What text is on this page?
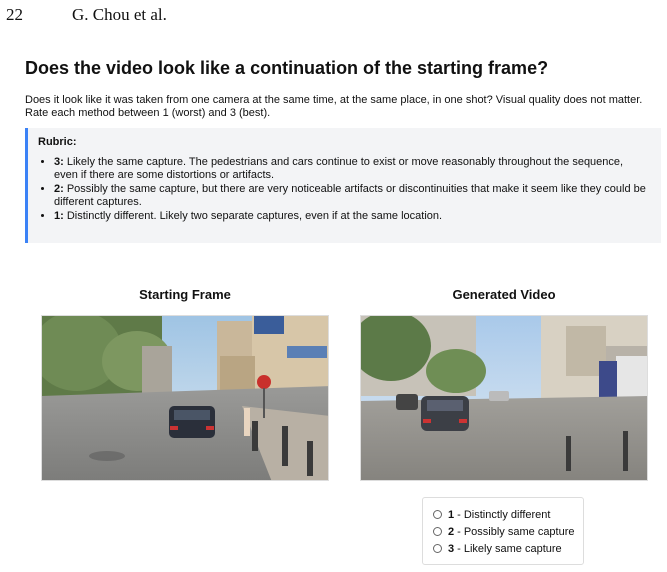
22	G. Chou et al.
Does the video look like a continuation of the starting frame?
Does it look like it was taken from one camera at the same time, at the same place, in one shot? Visual quality does not matter.
Rate each method between 1 (worst) and 3 (best).
Rubric:
• 3: Likely the same capture. The pedestrians and cars continue to exist or move reasonably throughout the sequence, even if there are some distortions or artifacts.
• 2: Possibly the same capture, but there are very noticeable artifacts or discontinuities that make it seem like they could be different captures.
• 1: Distinctly different. Likely two separate captures, even if at the same location.
Starting Frame	Generated Video
1 - Distinctly different
2 - Possibly same capture
3 - Likely same capture
